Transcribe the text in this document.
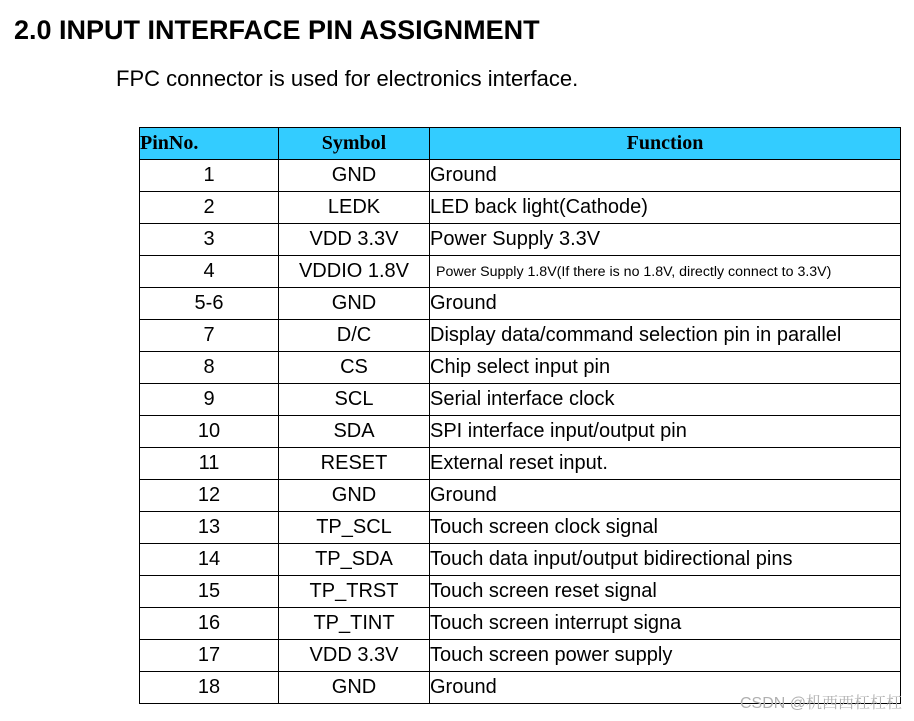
2.0 INPUT INTERFACE PIN ASSIGNMENT
FPC connector is used for electronics interface.
PinNo.	Symbol	Function
1	GND	Ground
2	LEDK	LED back light(Cathode)
3	VDD 3.3V	Power Supply 3.3V
4	VDDIO 1.8V	Power Supply 1.8V(If there is no 1.8V, directly connect to 3.3V)
5-6	GND	Ground
7	D/C	Display data/command selection pin in parallel
8	CS	Chip select input pin
9	SCL	Serial interface clock
10	SDA	SPI interface input/output pin
11	RESET	External reset input.
12	GND	Ground
13	TP_SCL	Touch screen clock signal
14	TP_SDA	Touch data input/output bidirectional pins
15	TP_TRST	Touch screen reset signal
16	TP_TINT	Touch screen interrupt signa
17	VDD 3.3V	Touch screen power supply
18	GND	Ground
CSDN @机西西杠杠杠
